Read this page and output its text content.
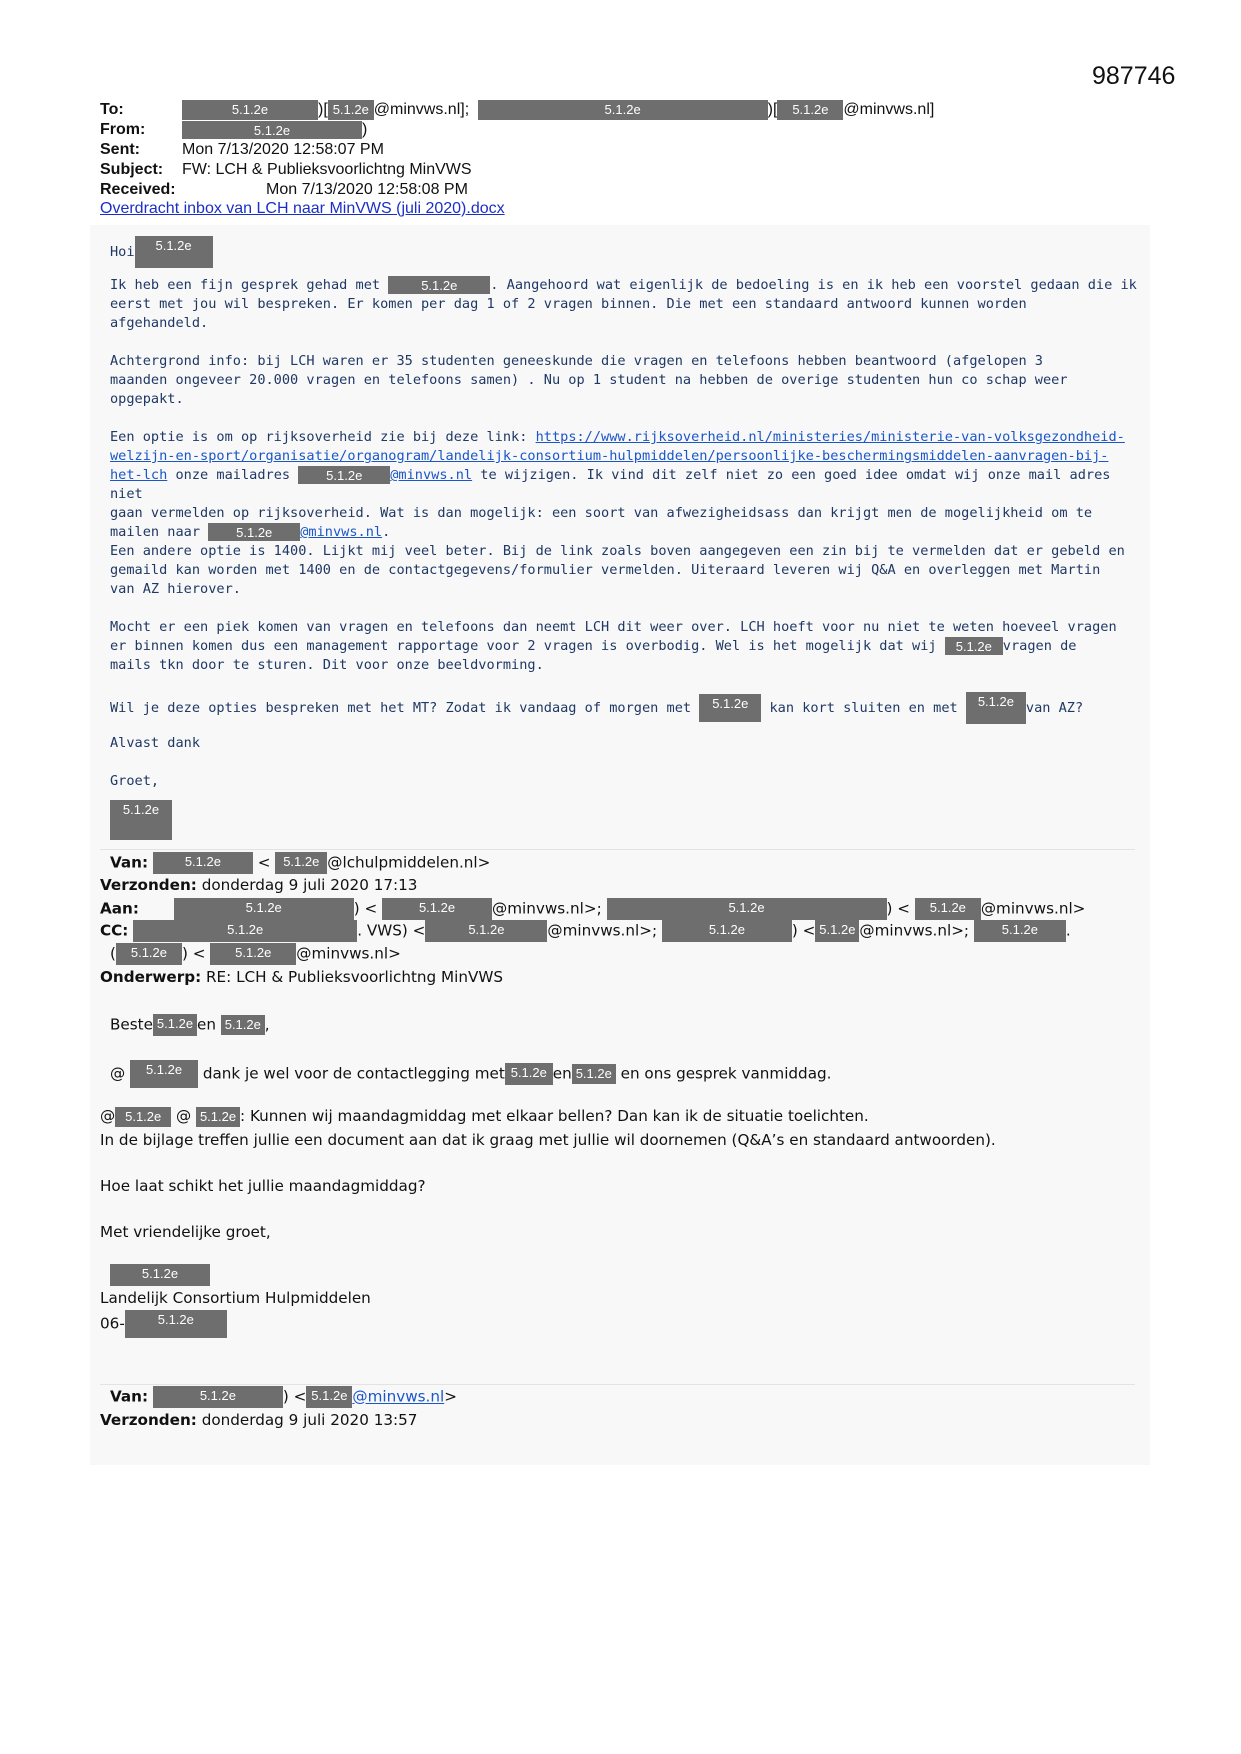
987746
To:	5.1.2e	)[ 5.1.2e @minvws.nl];	5.1.2e	)[ 5.1.2e @minvws.nl]
From:	5.1.2e	)
Sent:	Mon 7/13/2020 12:58:07 PM
Subject: FW: LCH & Publieksvoorlichtng MinVWS
Received:	Mon 7/13/2020 12:58:08 PM
Overdracht inbox van LCH naar MinVWS (juli 2020).docx
Hoi 5.1.2e
Ik heb een fijn gesprek gehad met	5.1.2e . Aangehoord wat eigenlijk de bedoeling is en ik heb een voorstel gedaan die ik
eerst met jou wil bespreken. Er komen per dag 1 of 2 vragen binnen. Die met een standaard antwoord kunnen worden
afgehandeld.
Achtergrond info: bij LCH waren er 35 studenten geneeskunde die vragen en telefoons hebben beantwoord (afgelopen 3
maanden ongeveer 20.000 vragen en telefoons samen) . Nu op 1 student na hebben de overige studenten hun co schap weer
opgepakt.
Een optie is om op rijksoverheid zie bij deze link: https://www.rijksoverheid.nl/ministeries/ministerie-van-volksgezondheid-
welzijn-en-sport/organisatie/organogram/landelijk-consortium-hulpmiddelen/persoonlijke-beschermingsmiddelen-aanvragen-bij-
het-lch onze mailadres	5.1.2e @minvws.nl te wijzigen. Ik vind dit zelf niet zo een goed idee omdat wij onze mail adres niet
gaan vermelden op rijksoverheid. Wat is dan mogelijk: een soort van afwezigheidsass dan krijgt men de mogelijkheid om te
mailen naar	5.1.2e @minvws.nl.
Een andere optie is 1400. Lijkt mij veel beter. Bij de link zoals boven aangegeven een zin bij te vermelden dat er gebeld en
gemaild kan worden met 1400 en de contactgegevens/formulier vermelden. Uiteraard leveren wij Q&A en overleggen met Martin
van AZ hierover.
Mocht er een piek komen van vragen en telefoons dan neemt LCH dit weer over. LCH hoeft voor nu niet te weten hoeveel vragen
er binnen komen dus een management rapportage voor 2 vragen is overbodig. Wel is het mogelijk dat wij 5.1.2e vragen de
mails tkn door te sturen. Dit voor onze beeldvorming.
Wil je deze opties bespreken met het MT? Zodat ik vandaag of morgen met 5.1.2e kan kort sluiten en met 5.1.2e van AZ?
Alvast dank
Groet,
5.1.2e
Van:	5.1.2e < 5.1.2e @lchulpmiddelen.nl>
Verzonden: donderdag 9 juli 2020 17:13
Aan:	5.1.2e	) <	5.1.2e @minvws.nl>;	5.1.2e	) < 5.1.2e @minvws.nl>
CC:	5.1.2e	. VWS) <	5.1.2e	@minvws.nl>;	5.1.2e	) < 5.1.2e @minvws.nl>;	5.1.2e .
( 5.1.2e ) < 5.1.2e @minvws.nl>
Onderwerp: RE: LCH & Publieksvoorlichtng MinVWS
Beste 5.1.2e en 5.1.2e ,
@ 5.1.2e dank je wel voor de contactlegging met 5.1.2e en 5.1.2e en ons gesprek vanmiddag.
@ 5.1.2e @ 5.1.2e : Kunnen wij maandagmiddag met elkaar bellen? Dan kan ik de situatie toelichten.
In de bijlage treffen jullie een document aan dat ik graag met jullie wil doornemen (Q&A’s en standaard antwoorden).
Hoe laat schikt het jullie maandagmiddag?
Met vriendelijke groet,
5.1.2e
Landelijk Consortium Hulpmiddelen
06-	5.1.2e
Van:	5.1.2e	) < 5.1.2e @minvws.nl>
Verzonden: donderdag 9 juli 2020 13:57
